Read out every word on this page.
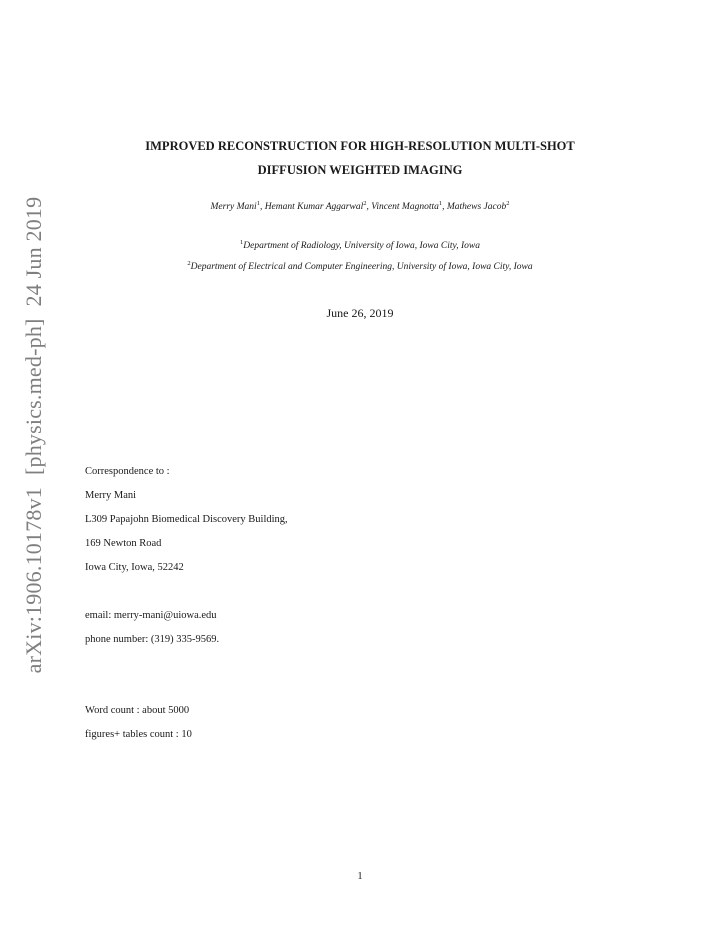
arXiv:1906.10178v1[physics.med-ph]24 Jun 2019
IMPROVED RECONSTRUCTION FOR HIGH-RESOLUTION MULTI-SHOT
DIFFUSION WEIGHTED IMAGING
Merry Mani$^1$, Hemant Kumar Aggarwal$^2$, Vincent Magnotta$^1$, Mathews Jacob$^2$
$^1$Department of Radiology, University of Iowa, Iowa City, Iowa
$^2$Department of Electrical and Computer Engineering, University of Iowa, Iowa City, Iowa
June 26, 2019
Correspondence to :
Merry Mani
L309 Papajohn Biomedical Discovery Building,
169 Newton Road
Iowa City, Iowa, 52242
email: merry-mani@uiowa.edu
phone number: (319) 335-9569.
Word count : about 5000
figures+ tables count : 10
1
